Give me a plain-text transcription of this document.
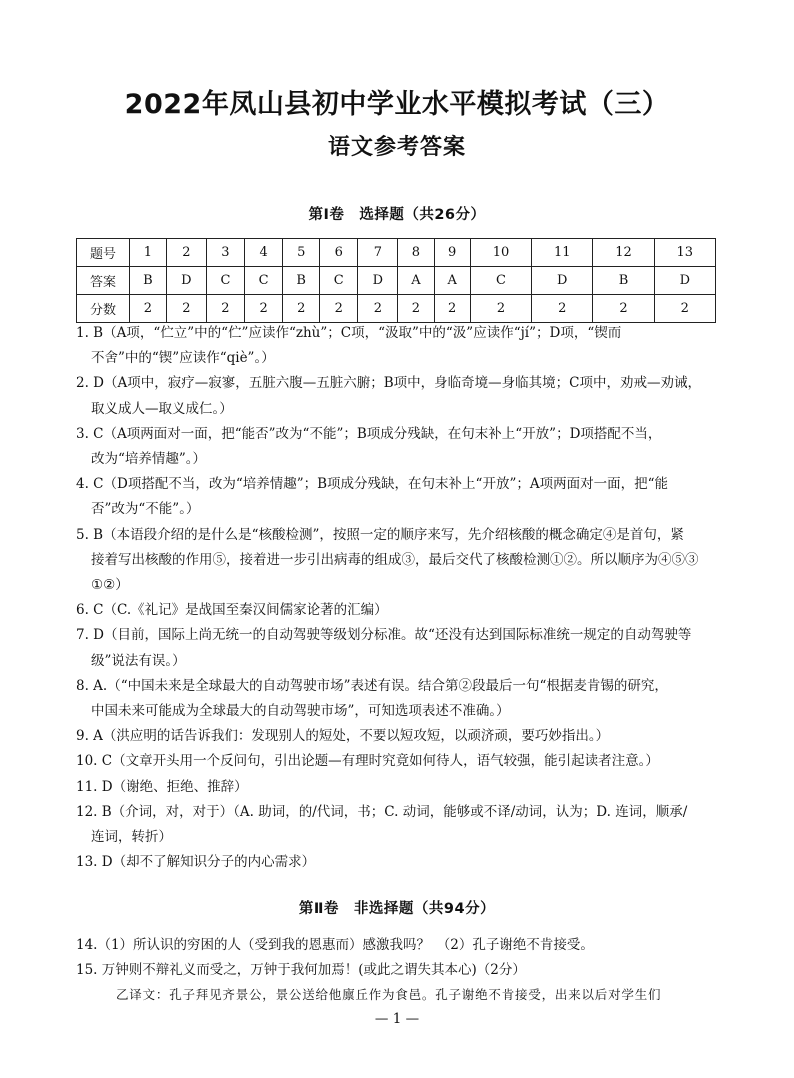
2022年凤山县初中学业水平模拟考试（三）
语文参考答案
第Ⅰ卷　选择题（共26分）
题号	1	2	3	4	5	6	7	8	9	10	11	12	13
答案	B	D	C	C	B	C	D	A	A	C	D	B	D
分数	2	2	2	2	2	2	2	2	2	2	2	2	2
1. B（A项，“伫立”中的“伫”应读作“zhù”；C项，“汲取”中的“汲”应读作“jí”；D项，“锲而
不舍”中的“锲”应读作“qiè”。）
2. D（A项中，寂疗—寂寥，五脏六腹—五脏六腑；B项中，身临奇境—身临其境；C项中，劝戒—劝诫，
取义成人—取义成仁。）
3. C（A项两面对一面，把“能否”改为“不能”；B项成分残缺，在句末补上“开放”；D项搭配不当，
改为“培养情趣”。）
4. C（D项搭配不当，改为“培养情趣”；B项成分残缺，在句末补上“开放”；A项两面对一面，把“能
否”改为“不能”。）
5. B（本语段介绍的是什么是“核酸检测”，按照一定的顺序来写，先介绍核酸的概念确定④是首句，紧
接着写出核酸的作用⑤，接着进一步引出病毒的组成③，最后交代了核酸检测①②。所以顺序为④⑤③
①②）
6. C（C.《礼记》是战国至秦汉间儒家论著的汇编）
7. D（目前，国际上尚无统一的自动驾驶等级划分标准。故“还没有达到国际标准统一规定的自动驾驶等
级”说法有误。）
8. A.（“中国未来是全球最大的自动驾驶市场”表述有误。结合第②段最后一句“根据麦肯锡的研究，
中国未来可能成为全球最大的自动驾驶市场”，可知选项表述不准确。）
9. A（洪应明的话告诉我们：发现别人的短处，不要以短攻短，以顽济顽，要巧妙指出。）
10. C（文章开头用一个反问句，引出论题—有理时究竟如何待人，语气较强，能引起读者注意。）
11. D（谢绝、拒绝、推辞）
12. B（介词，对，对于）（A. 助词，的/代词，书；C. 动词，能够或不译/动词，认为；D. 连词，顺承/
连词，转折）
13. D（却不了解知识分子的内心需求）
第Ⅱ卷　非选择题（共94分）
14.（1）所认识的穷困的人（受到我的恩惠而）感激我吗？　（2）孔子谢绝不肯接受。
15. 万钟则不辩礼义而受之，万钟于我何加焉！(或此之谓失其本心)（2分）
乙译文：孔子拜见齐景公，景公送给他廪丘作为食邑。孔子谢绝不肯接受，出来以后对学生们
— 1 —
